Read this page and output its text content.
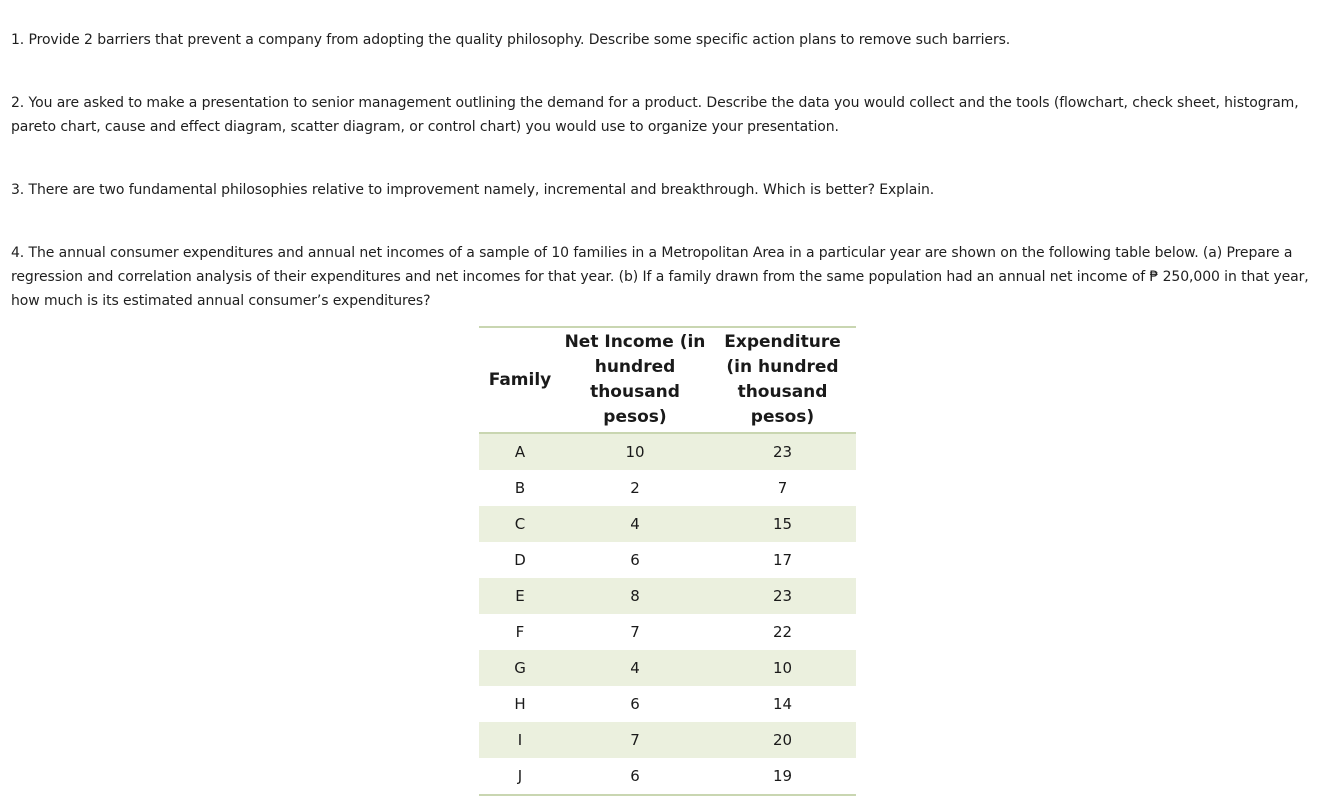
1. Provide 2 barriers that prevent a company from adopting the quality philosophy. Describe some specific action plans to remove such barriers.

2. You are asked to make a presentation to senior management outlining the demand for a product. Describe the data you would collect and the tools (flowchart, check sheet, histogram, pareto chart, cause and effect diagram, scatter diagram, or control chart) you would use to organize your presentation.

3. There are two fundamental philosophies relative to improvement namely, incremental and breakthrough. Which is better? Explain.

4. The annual consumer expenditures and annual net incomes of a sample of 10 families in a Metropolitan Area in a particular year are shown on the following table below. (a) Prepare a regression and correlation analysis of their expenditures and net incomes for that year. (b) If a family drawn from the same population had an annual net income of ₱ 250,000 in that year, how much is its estimated annual consumer’s expenditures?

Family	Net Income (in
hundred
thousand
pesos)	Expenditure
(in hundred
thousand
pesos)
A	10	23
B	2	7
C	4	15
D	6	17
E	8	23
F	7	22
G	4	10
H	6	14
I	7	20
J	6	19
